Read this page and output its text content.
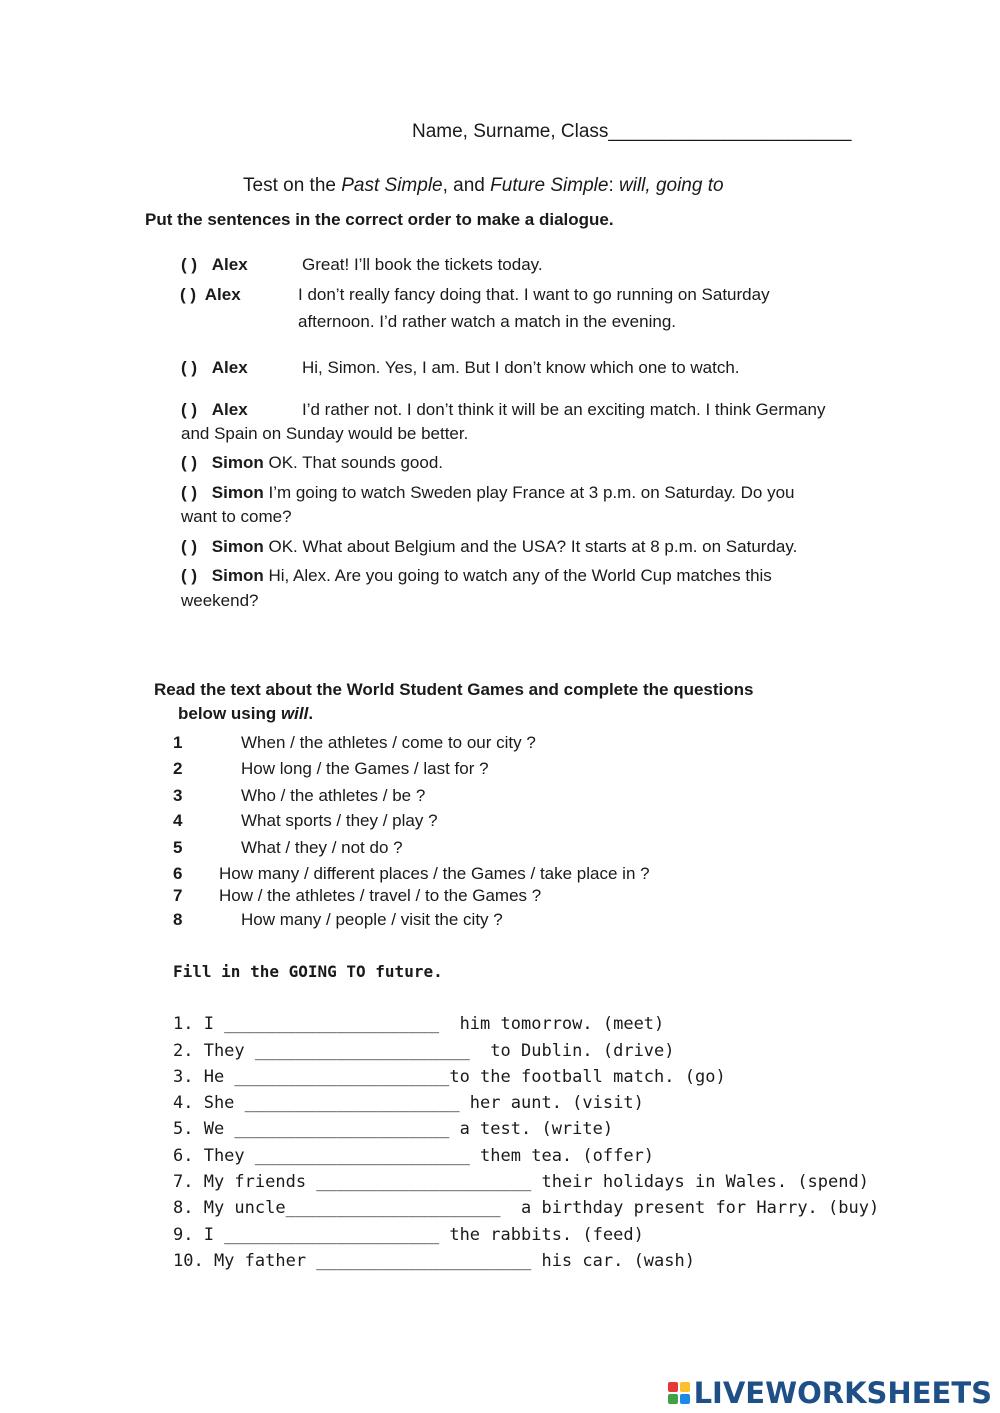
Name, Surname, Class_______________________
Test on the Past Simple, and Future Simple: will, going to
Put the sentences in the correct order to make a dialogue.
( ) Alex	Great! I’ll book the tickets today.
( ) Alex	I don’t really fancy doing that. I want to go running on Saturday
afternoon. I’d rather watch a match in the evening.
( ) Alex	Hi, Simon. Yes, I am. But I don’t know which one to watch.
( ) Alex	I’d rather not. I don’t think it will be an exciting match. I think Germany
and Spain on Sunday would be better.
( ) Simon OK. That sounds good.
( ) Simon I’m going to watch Sweden play France at 3 p.m. on Saturday. Do you
want to come?
( ) Simon OK. What about Belgium and the USA? It starts at 8 p.m. on Saturday.
( ) Simon Hi, Alex. Are you going to watch any of the World Cup matches this
weekend?
Read the text about the World Student Games and complete the questions
below using will.
1	When / the athletes / come to our city ?
2	How long / the Games / last for ?
3	Who / the athletes / be ?
4	What sports / they / play ?
5	What / they / not do ?
6 How many / different places / the Games / take place in ?
7 How / the athletes / travel / to the Games ?
8	How many / people / visit the city ?
Fill in the GOING TO future.
1. I _____________________  him tomorrow. (meet)
2. They _____________________  to Dublin. (drive)
3. He _____________________to the football match. (go)
4. She _____________________ her aunt. (visit)
5. We _____________________ a test. (write)
6. They _____________________ them tea. (offer)
7. My friends _____________________ their holidays in Wales. (spend)
8. My uncle_____________________  a birthday present for Harry. (buy)
9. I _____________________ the rabbits. (feed)
10. My father _____________________ his car. (wash)
LIVEWORKSHEETS
